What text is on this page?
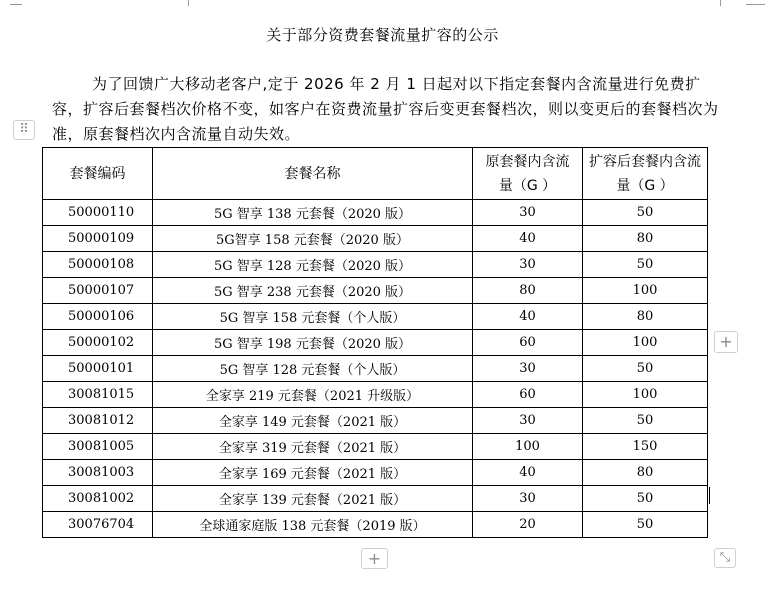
关于部分资费套餐流量扩容的公示
为了回馈广大移动老客户,定于 2026 年 2 月 1 日起对以下指定套餐内含流量进行免费扩容，扩容后套餐档次价格不变，如客户在资费流量扩容后变更套餐档次，则以变更后的套餐档次为准，原套餐档次内含流量自动失效。
⠿
套餐编码	套餐名称	原套餐内含流量（G ）	扩容后套餐内含流量（G ）
50000110	5G 智享 138 元套餐（2020 版）	30	50
50000109	5G智享 158 元套餐（2020 版）	40	80
50000108	5G 智享 128 元套餐（2020 版）	30	50
50000107	5G 智享 238 元套餐（2020 版）	80	100
50000106	5G 智享 158 元套餐（个人版）	40	80
50000102	5G 智享 198 元套餐（2020 版）	60	100
50000101	5G 智享 128 元套餐（个人版）	30	50
30081015	全家享 219 元套餐（2021 升级版）	60	100
30081012	全家享 149 元套餐（2021 版）	30	50
30081005	全家享 319 元套餐（2021 版）	100	150
30081003	全家享 169 元套餐（2021 版）	40	80
30081002	全家享 139 元套餐（2021 版）	30	50
30076704	全球通家庭版 138 元套餐（2019 版）	20	50
+
+	⤡
